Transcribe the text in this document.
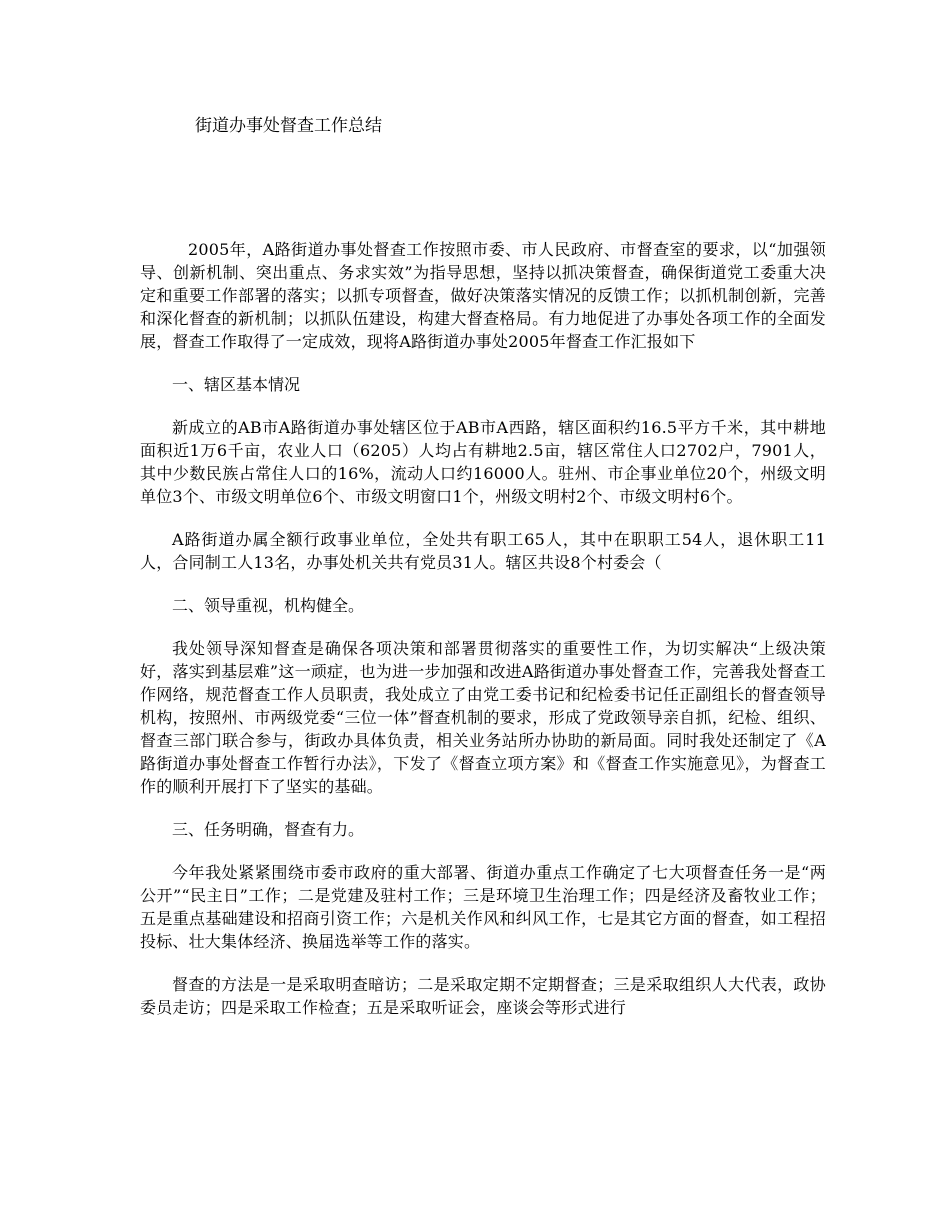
街道办事处督查工作总结

2005年，A路街道办事处督查工作按照市委、市人民政府、市督查室的要求，以“加强领导、创新机制、突出重点、务求实效”为指导思想，坚持以抓决策督查，确保街道党工委重大决定和重要工作部署的落实；以抓专项督查，做好决策落实情况的反馈工作；以抓机制创新，完善和深化督查的新机制；以抓队伍建设，构建大督查格局。有力地促进了办事处各项工作的全面发展，督查工作取得了一定成效，现将A路街道办事处2005年督查工作汇报如下

一、辖区基本情况

新成立的AB市A路街道办事处辖区位于AB市A西路，辖区面积约16.5平方千米，其中耕地面积近1万6千亩，农业人口（6205）人均占有耕地2.5亩，辖区常住人口2702户，7901人，其中少数民族占常住人口的16%，流动人口约16000人。驻州、市企事业单位20个，州级文明单位3个、市级文明单位6个、市级文明窗口1个，州级文明村2个、市级文明村6个。

A路街道办属全额行政事业单位，全处共有职工65人，其中在职职工54人，退休职工11人，合同制工人13名，办事处机关共有党员31人。辖区共设8个村委会（

二、领导重视，机构健全。

我处领导深知督查是确保各项决策和部署贯彻落实的重要性工作，为切实解决“上级决策好，落实到基层难”这一顽症，也为进一步加强和改进A路街道办事处督查工作，完善我处督查工作网络，规范督查工作人员职责，我处成立了由党工委书记和纪检委书记任正副组长的督查领导机构，按照州、市两级党委“三位一体”督查机制的要求，形成了党政领导亲自抓，纪检、组织、督查三部门联合参与，街政办具体负责，相关业务站所办协助的新局面。同时我处还制定了《A路街道办事处督查工作暂行办法》，下发了《督查立项方案》和《督查工作实施意见》，为督查工作的顺利开展打下了坚实的基础。

三、任务明确，督查有力。

今年我处紧紧围绕市委市政府的重大部署、街道办重点工作确定了七大项督查任务一是“两公开”“民主日”工作；二是党建及驻村工作；三是环境卫生治理工作；四是经济及畜牧业工作；五是重点基础建设和招商引资工作；六是机关作风和纠风工作，七是其它方面的督查，如工程招投标、壮大集体经济、换届选举等工作的落实。

督查的方法是一是采取明查暗访；二是采取定期不定期督查；三是采取组织人大代表，政协委员走访；四是采取工作检查；五是采取听证会，座谈会等形式进行
